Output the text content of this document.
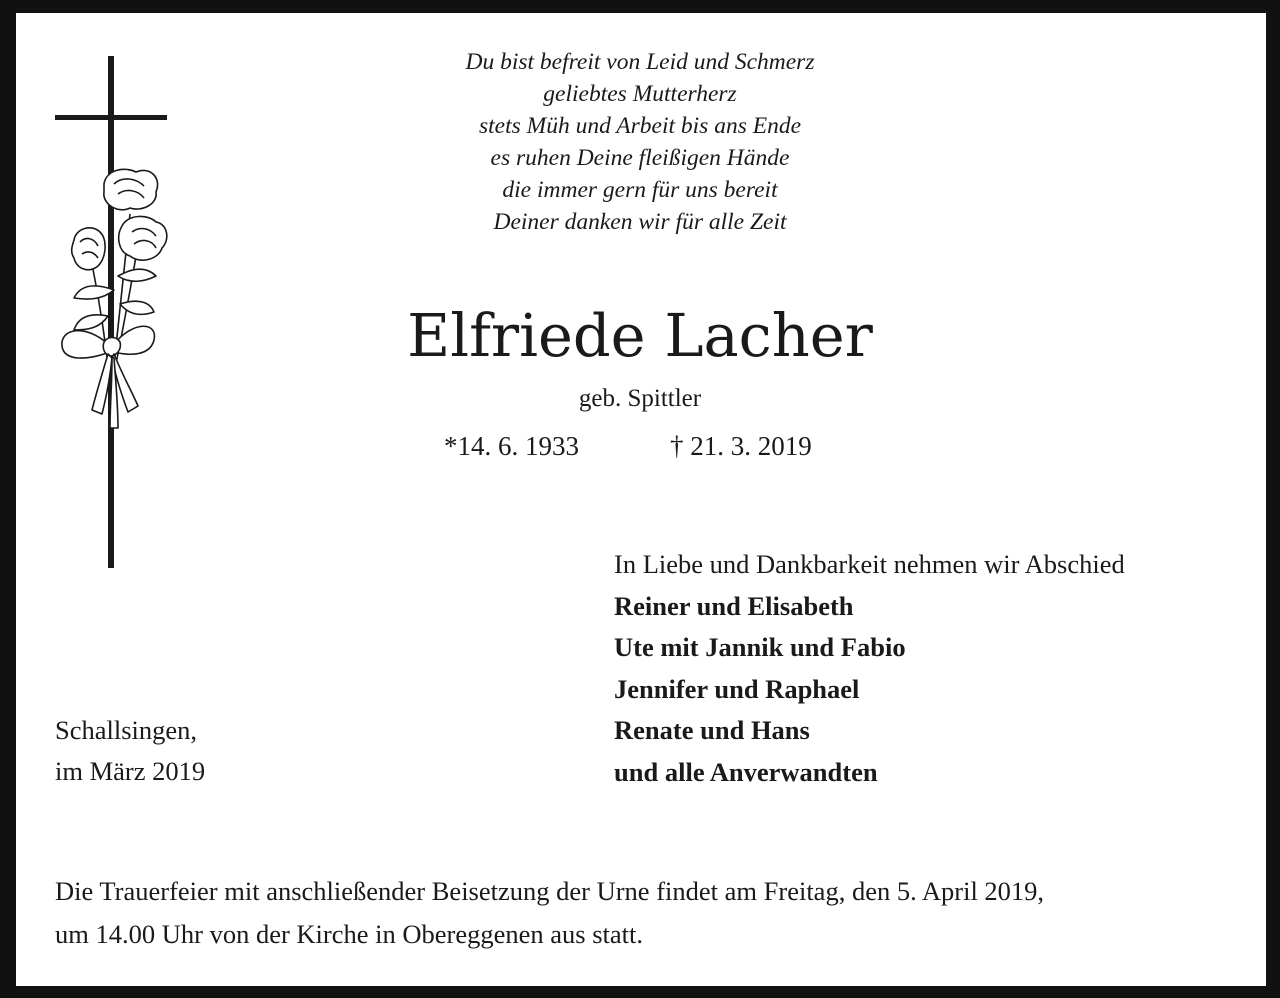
Du bist befreit von Leid und Schmerz
geliebtes Mutterherz
stets Müh und Arbeit bis ans Ende
es ruhen Deine fleißigen Hände
die immer gern für uns bereit
Deiner danken wir für alle Zeit
Elfriede Lacher
geb. Spittler
*14. 6. 1933	† 21. 3. 2019
In Liebe und Dankbarkeit nehmen wir Abschied
Reiner und Elisabeth
Ute mit Jannik und Fabio
Jennifer und Raphael
Renate und Hans
und alle Anverwandten
Schallsingen,
im März 2019
Die Trauerfeier mit anschließender Beisetzung der Urne findet am Freitag, den 5. April 2019,
um 14.00 Uhr von der Kirche in Obereggenen aus statt.
